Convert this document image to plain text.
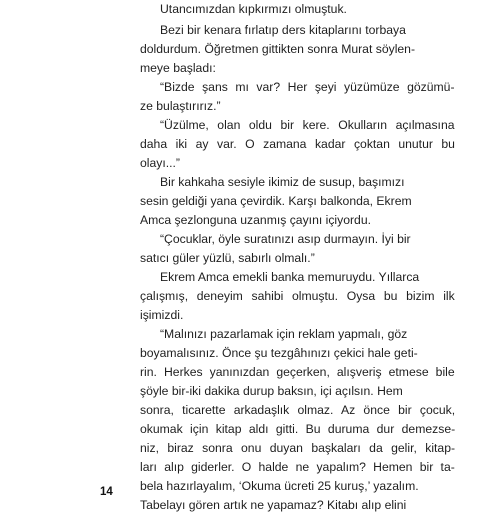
Utancımızdan kıpkırmızı olmuştuk.

Bezi bir kenara fırlatıp ders kitaplarını torbaya

doldurdum. Öğretmen gittikten sonra Murat söylen-

meye başladı:

“Bizde şans mı var? Her şeyi yüzümüze gözümü-

ze bulaştırırız.”

“Üzülme, olan oldu bir kere. Okulların açılmasına

daha iki ay var. O zamana kadar çoktan unutur bu

olayı...”

Bir kahkaha sesiyle ikimiz de susup, başımızı

sesin geldiği yana çevirdik. Karşı balkonda, Ekrem

Amca şezlonguna uzanmış çayını içiyordu.

“Çocuklar, öyle suratınızı asıp durmayın. İyi bir

satıcı güler yüzlü, sabırlı olmalı.”

Ekrem Amca emekli banka memuruydu. Yıllarca

çalışmış, deneyim sahibi olmuştu. Oysa bu bizim ilk

işimizdi.

“Malınızı pazarlamak için reklam yapmalı, göz

boyamalısınız. Önce şu tezgâhınızı çekici hale geti-

rin. Herkes yanınızdan geçerken, alışveriş etmese bile

şöyle bir-iki dakika durup baksın, içi açılsın. Hem

sonra, ticarette arkadaşlık olmaz. Az önce bir çocuk,

okumak için kitap aldı gitti. Bu duruma dur demezse-

niz, biraz sonra onu duyan başkaları da gelir, kitap-

ları alıp giderler. O halde ne yapalım? Hemen bir ta-

bela hazırlayalım, ‘Okuma ücreti 25 kuruş,’ yazalım.

Tabelayı gören artık ne yapamaz? Kitabı alıp elini

14
